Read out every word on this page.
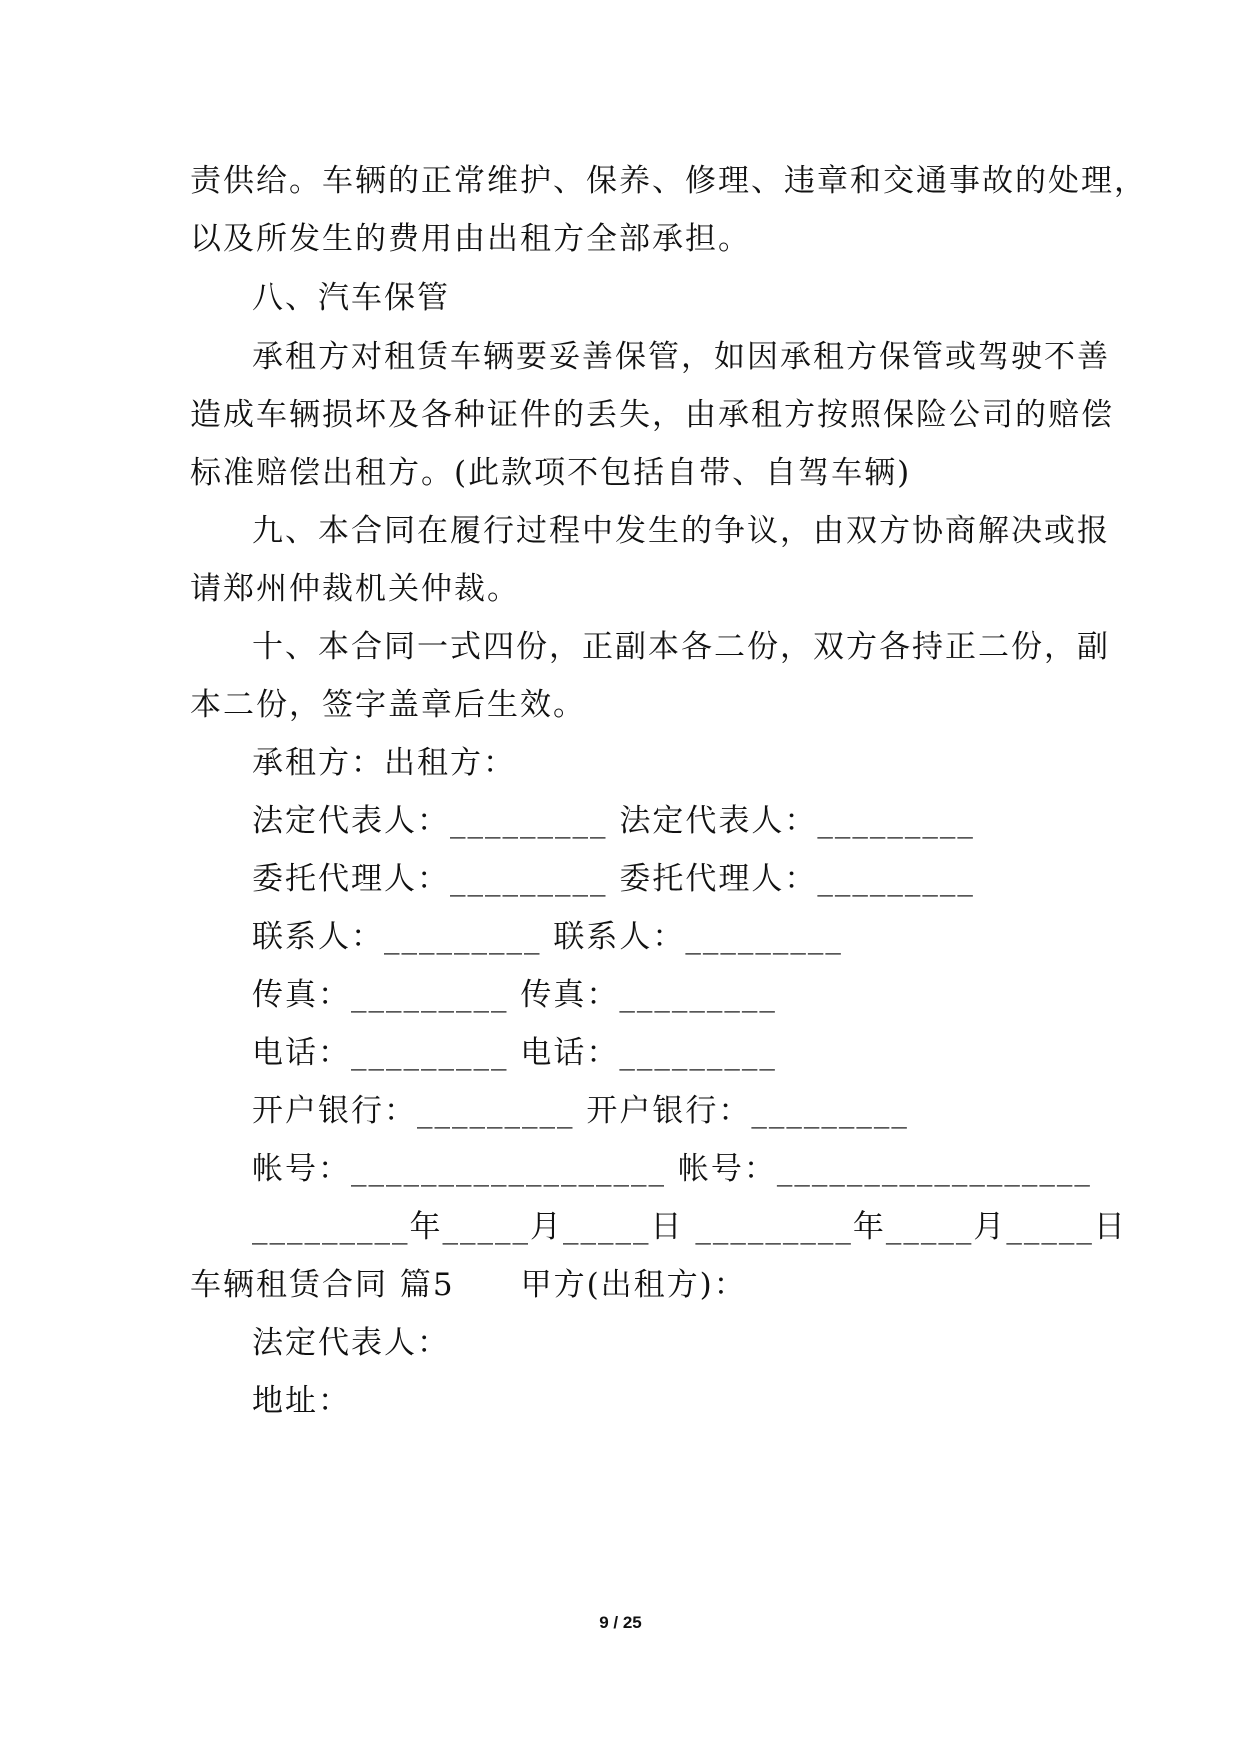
责供给。车辆的正常维护、保养、修理、违章和交通事故的处理，
以及所发生的费用由出租方全部承担。
八、汽车保管
承租方对租赁车辆要妥善保管，如因承租方保管或驾驶不善
造成车辆损坏及各种证件的丢失，由承租方按照保险公司的赔偿
标准赔偿出租方。(此款项不包括自带、自驾车辆)
九、本合同在履行过程中发生的争议，由双方协商解决或报
请郑州仲裁机关仲裁。
十、本合同一式四份，正副本各二份，双方各持正二份，副
本二份，签字盖章后生效。
承租方：出租方：
法定代表人：_________ 法定代表人：_________
委托代理人：_________ 委托代理人：_________
联系人：_________ 联系人：_________
传真：_________ 传真：_________
电话：_________ 电话：_________
开户银行：_________ 开户银行：_________
帐号：__________________ 帐号：__________________
_________年_____月_____日 _________年_____月_____日
车辆租赁合同 篇5　　甲方(出租方)：
法定代表人：
地址：
9 / 25
